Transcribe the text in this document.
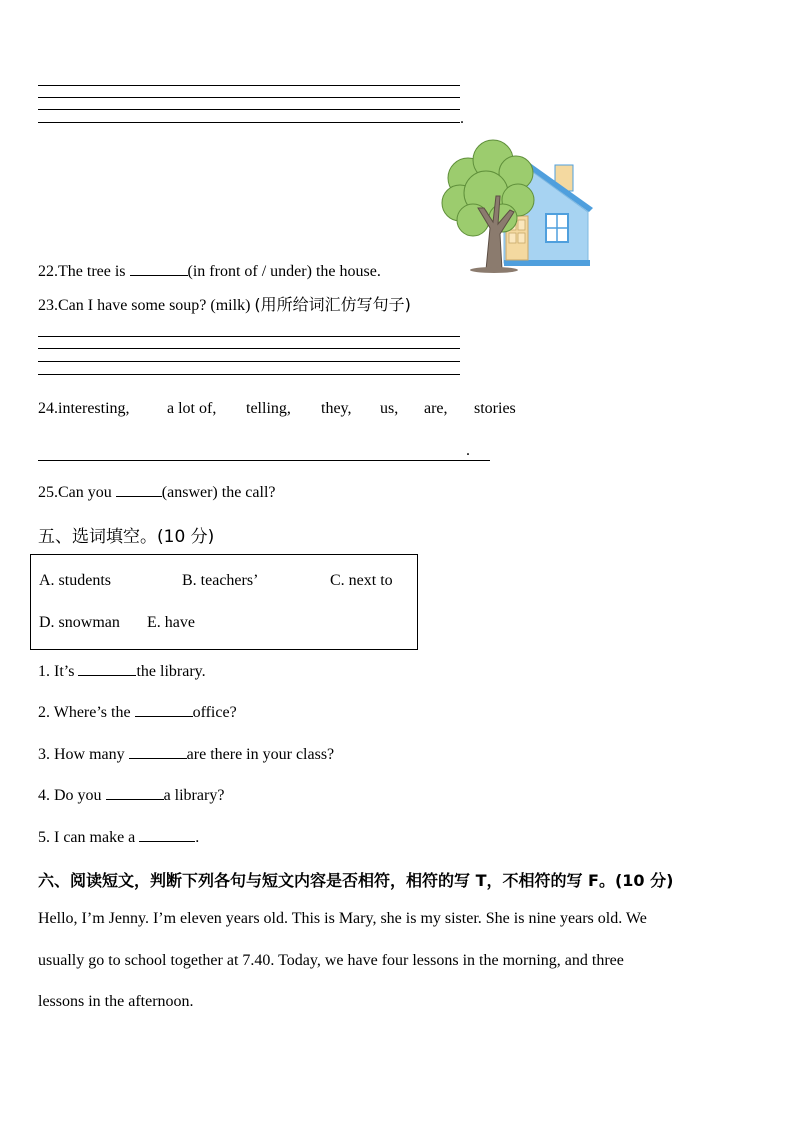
.
22.The tree is	(in front of / under) the house.
23.Can I have some soup? (milk) (用所给词汇仿写句子)
24.interesting, a lot of, telling, they, us, are, stories
.
25.Can you	(answer) the call?
五、选词填空。(10 分)
A. students	B. teachers’	C. next to
D. snowman E. have
1. It’s	the library.
2. Where’s the	office?
3. How many	are there in your class?
4. Do you	a library?
5. I can make a	.
六、阅读短文，判断下列各句与短文内容是否相符，相符的写 T，不相符的写 F。(10 分)
Hello, I’m Jenny. I’m eleven years old. This is Mary, she is my sister. She is nine years old. We
usually go to school together at 7.40. Today, we have four lessons in the morning, and three
lessons in the afternoon.
